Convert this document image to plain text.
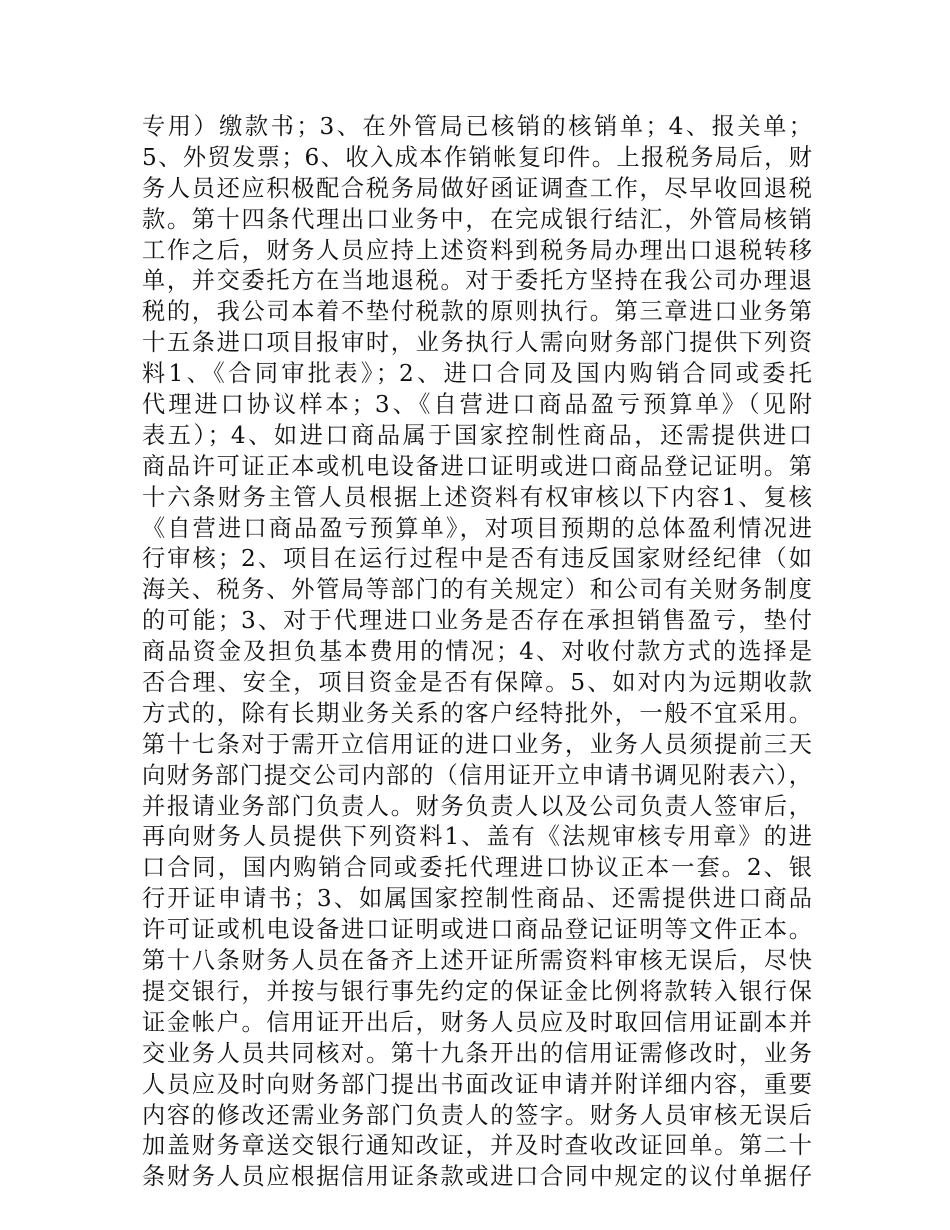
专用）缴款书；3、在外管局已核销的核销单；4、报关单；
5、外贸发票；6、收入成本作销帐复印件。上报税务局后，财
务人员还应积极配合税务局做好函证调查工作，尽早收回退税
款。第十四条代理出口业务中，在完成银行结汇，外管局核销
工作之后，财务人员应持上述资料到税务局办理出口退税转移
单，并交委托方在当地退税。对于委托方坚持在我公司办理退
税的，我公司本着不垫付税款的原则执行。第三章进口业务第
十五条进口项目报审时，业务执行人需向财务部门提供下列资
料1、《合同审批表》；2、进口合同及国内购销合同或委托
代理进口协议样本；3、《自营进口商品盈亏预算单》（见附
表五）；4、如进口商品属于国家控制性商品，还需提供进口
商品许可证正本或机电设备进口证明或进口商品登记证明。第
十六条财务主管人员根据上述资料有权审核以下内容1、复核
《自营进口商品盈亏预算单》，对项目预期的总体盈利情况进
行审核；2、项目在运行过程中是否有违反国家财经纪律（如
海关、税务、外管局等部门的有关规定）和公司有关财务制度
的可能；3、对于代理进口业务是否存在承担销售盈亏，垫付
商品资金及担负基本费用的情况；4、对收付款方式的选择是
否合理、安全，项目资金是否有保障。5、如对内为远期收款
方式的，除有长期业务关系的客户经特批外，一般不宜采用。
第十七条对于需开立信用证的进口业务，业务人员须提前三天
向财务部门提交公司内部的（信用证开立申请书调见附表六），
并报请业务部门负责人。财务负责人以及公司负责人签审后，
再向财务人员提供下列资料1、盖有《法规审核专用章》的进
口合同，国内购销合同或委托代理进口协议正本一套。2、银
行开证申请书；3、如属国家控制性商品、还需提供进口商品
许可证或机电设备进口证明或进口商品登记证明等文件正本。
第十八条财务人员在备齐上述开证所需资料审核无误后，尽快
提交银行，并按与银行事先约定的保证金比例将款转入银行保
证金帐户。信用证开出后，财务人员应及时取回信用证副本并
交业务人员共同核对。第十九条开出的信用证需修改时，业务
人员应及时向财务部门提出书面改证申请并附详细内容，重要
内容的修改还需业务部门负责人的签字。财务人员审核无误后
加盖财务章送交银行通知改证，并及时查收改证回单。第二十
条财务人员应根据信用证条款或进口合同中规定的议付单据仔
